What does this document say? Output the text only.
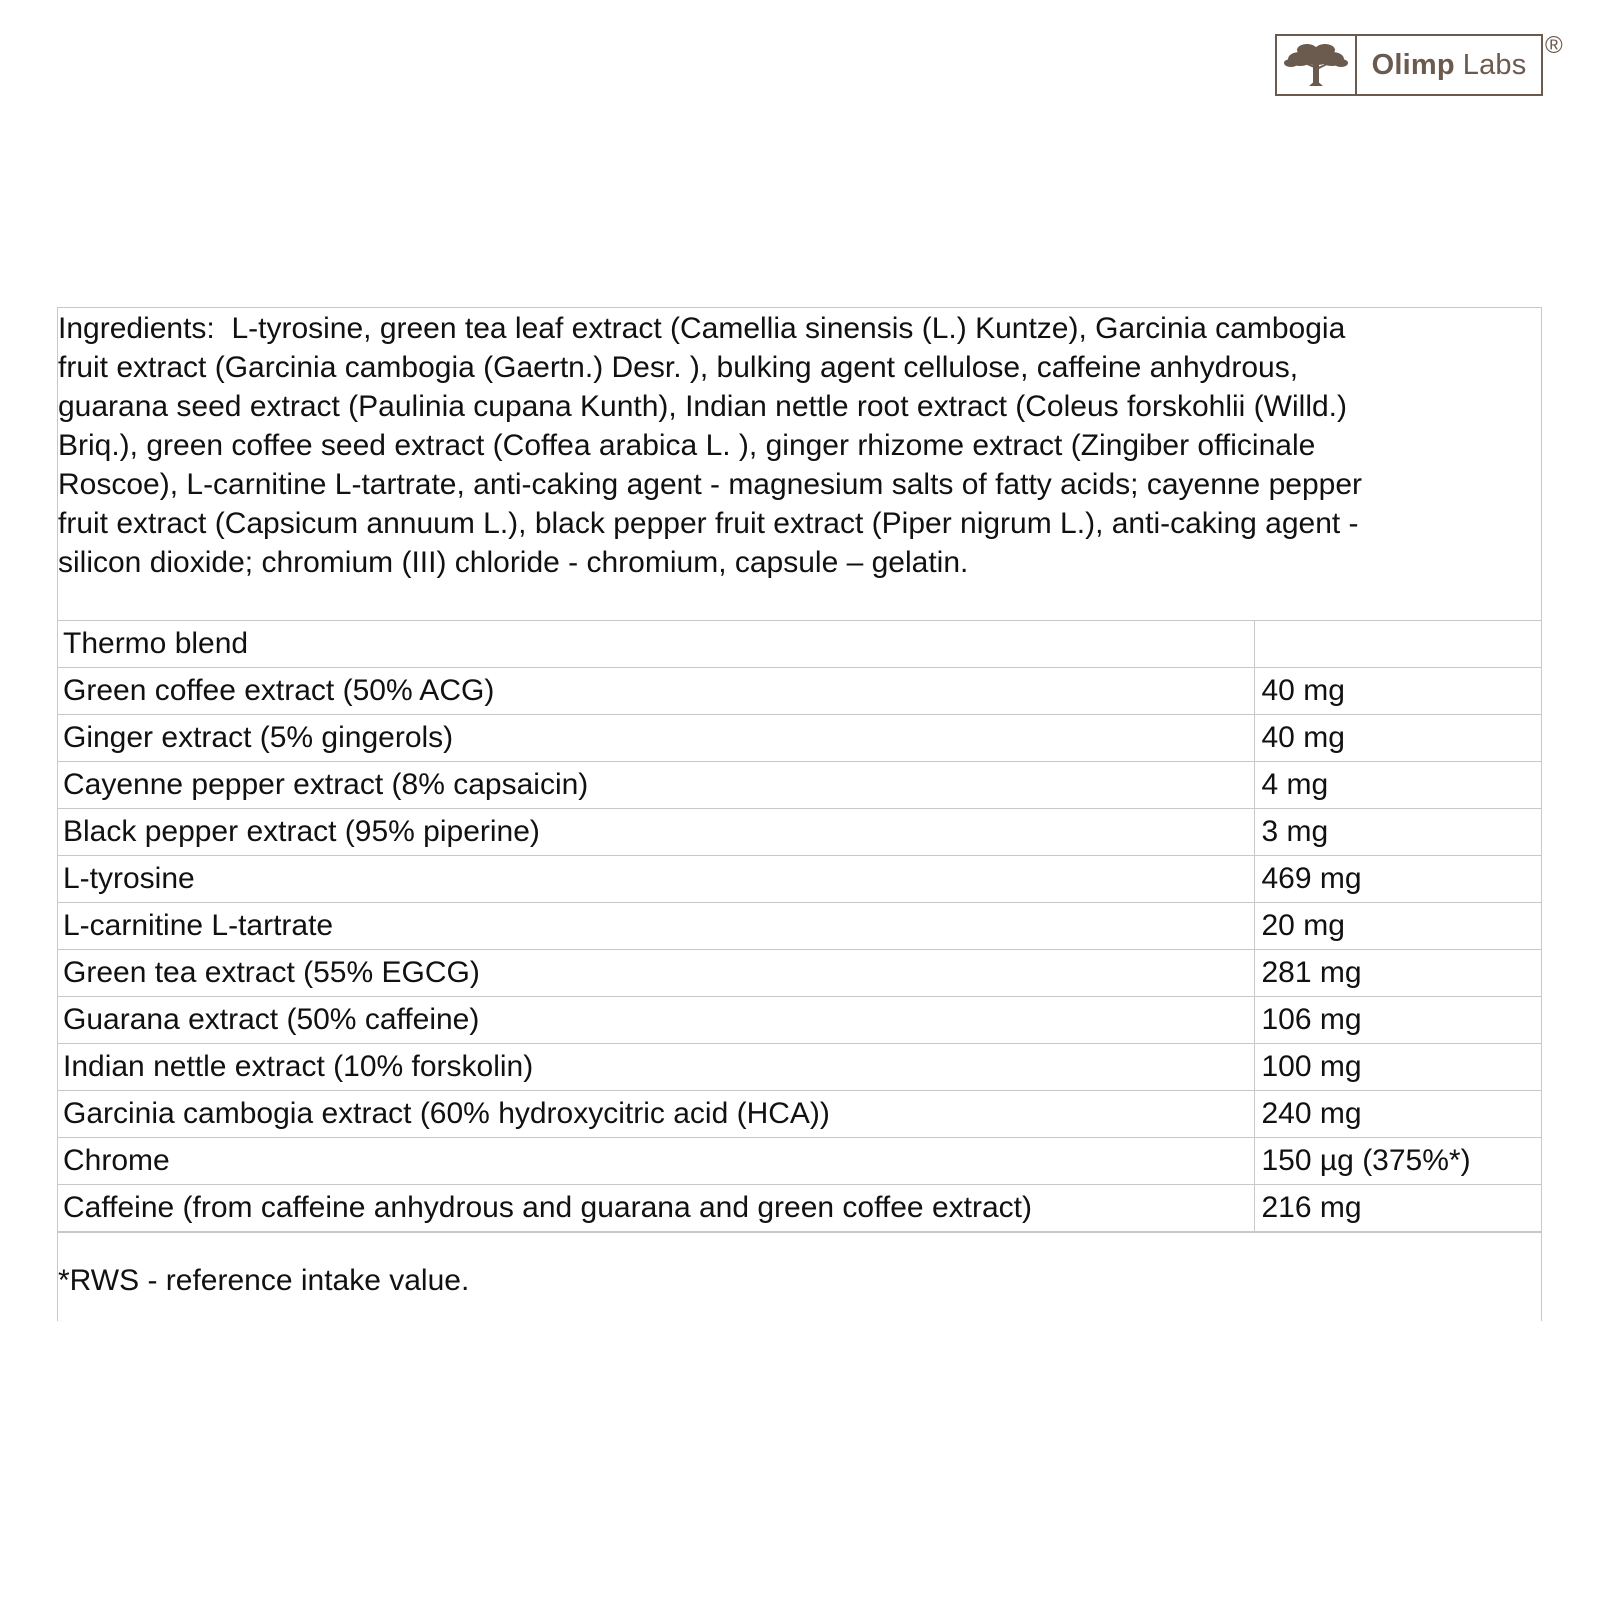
Olimp Labs
®
Ingredients:  L-tyrosine, green tea leaf extract (Camellia sinensis (L.) Kuntze), Garcinia cambogia
fruit extract (Garcinia cambogia (Gaertn.) Desr. ), bulking agent cellulose, caffeine anhydrous,
guarana seed extract (Paulinia cupana Kunth), Indian nettle root extract (Coleus forskohlii (Willd.)
Briq.), green coffee seed extract (Coffea arabica L. ), ginger rhizome extract (Zingiber officinale
Roscoe), L-carnitine L-tartrate, anti-caking agent - magnesium salts of fatty acids; cayenne pepper
fruit extract (Capsicum annuum L.), black pepper fruit extract (Piper nigrum L.), anti-caking agent -
silicon dioxide; chromium (III) chloride - chromium, capsule – gelatin.
Thermo blend	
Green coffee extract (50% ACG)	40 mg
Ginger extract (5% gingerols)	40 mg
Cayenne pepper extract (8% capsaicin)	4 mg
Black pepper extract (95% piperine)	3 mg
L-tyrosine	469 mg
L-carnitine L-tartrate	20 mg
Green tea extract (55% EGCG)	281 mg
Guarana extract (50% caffeine)	106 mg
Indian nettle extract (10% forskolin)	100 mg
Garcinia cambogia extract (60% hydroxycitric acid (HCA))	240 mg
Chrome	150 µg (375%*)
Caffeine (from caffeine anhydrous and guarana and green coffee extract)	216 mg
*RWS - reference intake value.
